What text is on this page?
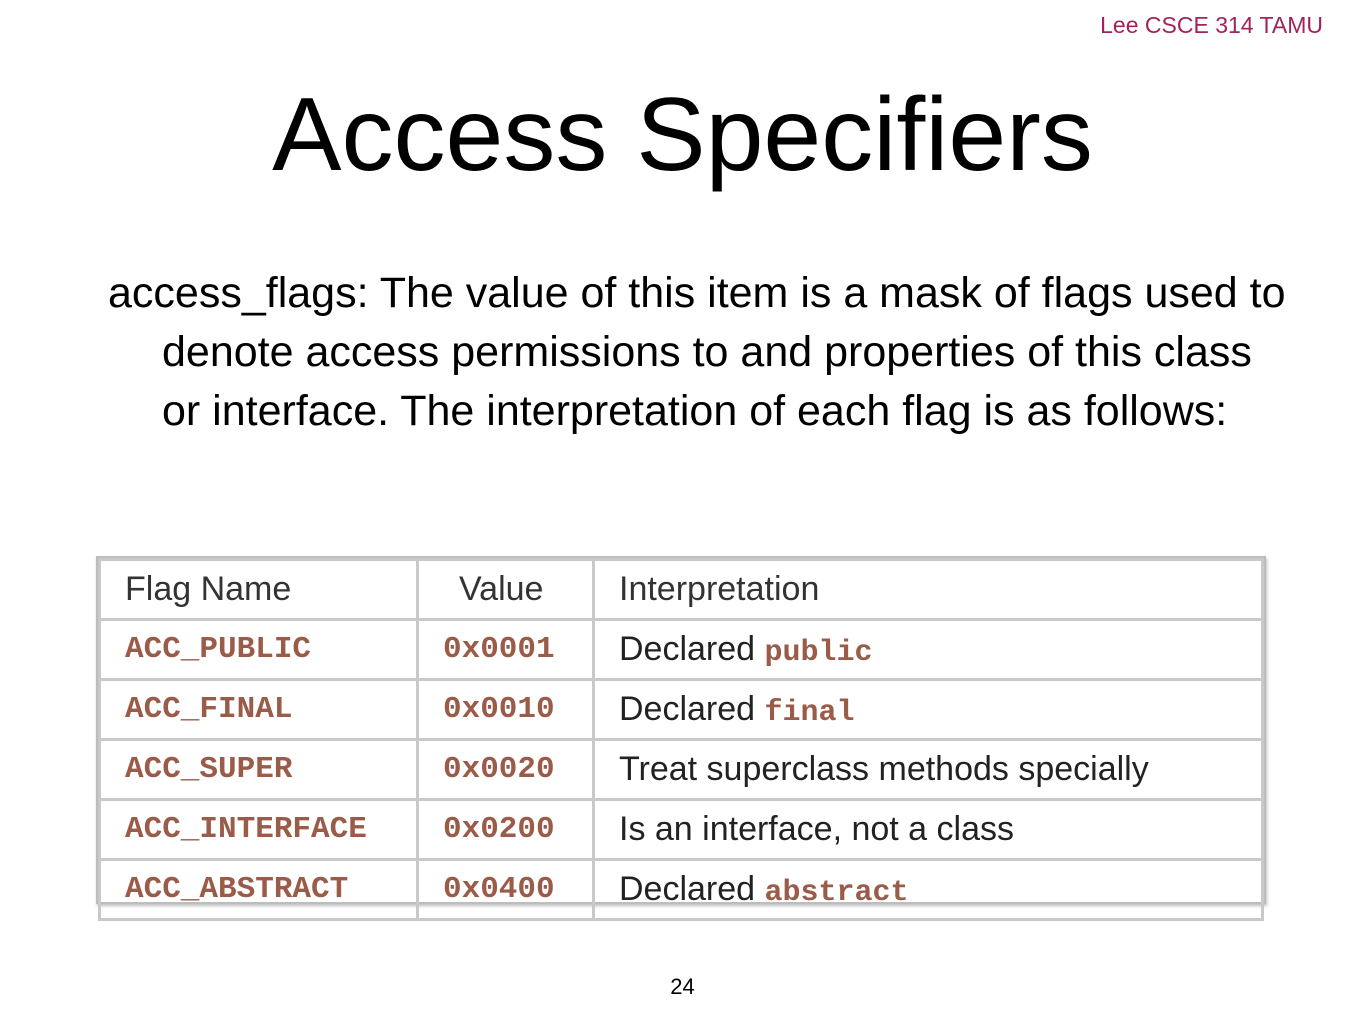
Lee CSCE 314 TAMU
Access Specifiers

access_flags: The value of this item is a mask of flags used to denote access permissions to and properties of this class or interface. The interpretation of each flag is as follows:

Flag Name	Value	Interpretation
ACC_PUBLIC	0x0001	Declared public
ACC_FINAL	0x0010	Declared final
ACC_SUPER	0x0020	Treat superclass methods specially
ACC_INTERFACE	0x0200	Is an interface, not a class
ACC_ABSTRACT	0x0400	Declared abstract
24
